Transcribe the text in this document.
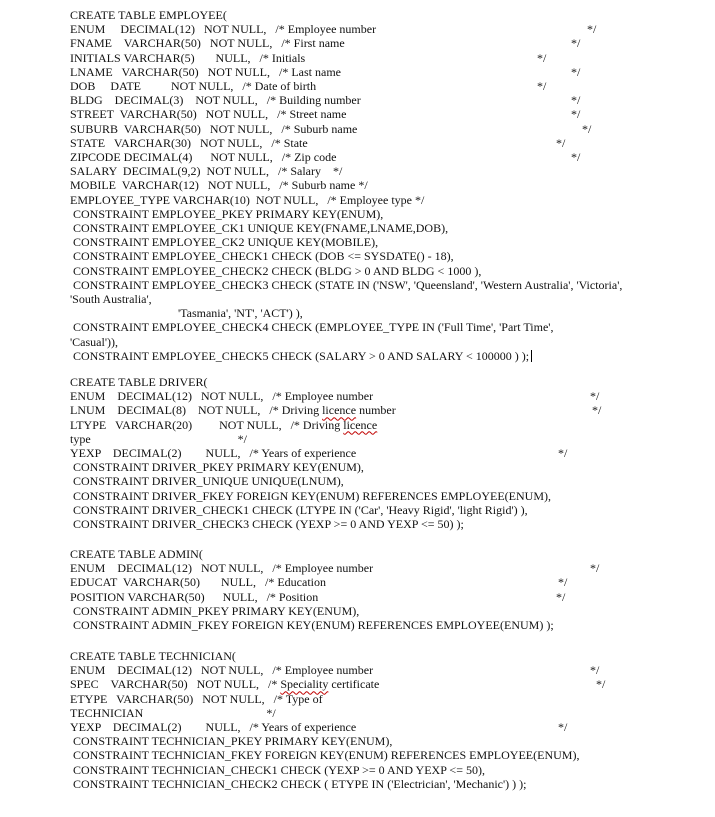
CREATE TABLE EMPLOYEE(
ENUM     DECIMAL(12)   NOT NULL,   /* Employee number	*/
FNAME    VARCHAR(50)   NOT NULL,   /* First name	*/
INITIALS VARCHAR(5)       NULL,   /* Initials	*/
LNAME   VARCHAR(50)   NOT NULL,   /* Last name	*/
DOB     DATE          NOT NULL,   /* Date of birth	*/
BLDG    DECIMAL(3)    NOT NULL,   /* Building number	*/
STREET  VARCHAR(50)   NOT NULL,   /* Street name	*/
SUBURB  VARCHAR(50)   NOT NULL,   /* Suburb name	*/
STATE   VARCHAR(30)   NOT NULL,   /* State	*/
ZIPCODE DECIMAL(4)      NOT NULL,   /* Zip code	*/
SALARY  DECIMAL(9,2)  NOT NULL,   /* Salary    */
MOBILE  VARCHAR(12)   NOT NULL,   /* Suburb name */
EMPLOYEE_TYPE VARCHAR(10)  NOT NULL,   /* Employee type */
CONSTRAINT EMPLOYEE_PKEY PRIMARY KEY(ENUM),
CONSTRAINT EMPLOYEE_CK1 UNIQUE KEY(FNAME,LNAME,DOB),
CONSTRAINT EMPLOYEE_CK2 UNIQUE KEY(MOBILE),
CONSTRAINT EMPLOYEE_CHECK1 CHECK (DOB <= SYSDATE() - 18),
CONSTRAINT EMPLOYEE_CHECK2 CHECK (BLDG > 0 AND BLDG < 1000 ),
CONSTRAINT EMPLOYEE_CHECK3 CHECK (STATE IN ('NSW', 'Queensland', 'Western Australia', 'Victoria',
'South Australia',
'Tasmania', 'NT', 'ACT') ),
CONSTRAINT EMPLOYEE_CHECK4 CHECK (EMPLOYEE_TYPE IN ('Full Time', 'Part Time',
'Casual')),
CONSTRAINT EMPLOYEE_CHECK5 CHECK (SALARY > 0 AND SALARY < 100000 ) );
CREATE TABLE DRIVER(
ENUM    DECIMAL(12)   NOT NULL,   /* Employee number	*/
LNUM    DECIMAL(8)    NOT NULL,   /* Driving licence number	*/
LTYPE   VARCHAR(20)         NOT NULL,   /* Driving licence
type                                                 */
YEXP    DECIMAL(2)        NULL,   /* Years of experience	*/
CONSTRAINT DRIVER_PKEY PRIMARY KEY(ENUM),
CONSTRAINT DRIVER_UNIQUE UNIQUE(LNUM),
CONSTRAINT DRIVER_FKEY FOREIGN KEY(ENUM) REFERENCES EMPLOYEE(ENUM),
CONSTRAINT DRIVER_CHECK1 CHECK (LTYPE IN ('Car', 'Heavy Rigid', 'light Rigid') ),
CONSTRAINT DRIVER_CHECK3 CHECK (YEXP >= 0 AND YEXP <= 50) );
CREATE TABLE ADMIN(
ENUM    DECIMAL(12)   NOT NULL,   /* Employee number	*/
EDUCAT  VARCHAR(50)       NULL,   /* Education	*/
POSITION VARCHAR(50)      NULL,   /* Position	*/
CONSTRAINT ADMIN_PKEY PRIMARY KEY(ENUM),
CONSTRAINT ADMIN_FKEY FOREIGN KEY(ENUM) REFERENCES EMPLOYEE(ENUM) );
CREATE TABLE TECHNICIAN(
ENUM    DECIMAL(12)   NOT NULL,   /* Employee number	*/
SPEC    VARCHAR(50)   NOT NULL,   /* Speciality certificate	*/
ETYPE   VARCHAR(50)   NOT NULL,   /* Type of
TECHNICIAN                                         */
YEXP    DECIMAL(2)        NULL,   /* Years of experience	*/
CONSTRAINT TECHNICIAN_PKEY PRIMARY KEY(ENUM),
CONSTRAINT TECHNICIAN_FKEY FOREIGN KEY(ENUM) REFERENCES EMPLOYEE(ENUM),
CONSTRAINT TECHNICIAN_CHECK1 CHECK (YEXP >= 0 AND YEXP <= 50),
CONSTRAINT TECHNICIAN_CHECK2 CHECK ( ETYPE IN ('Electrician', 'Mechanic') ) );
